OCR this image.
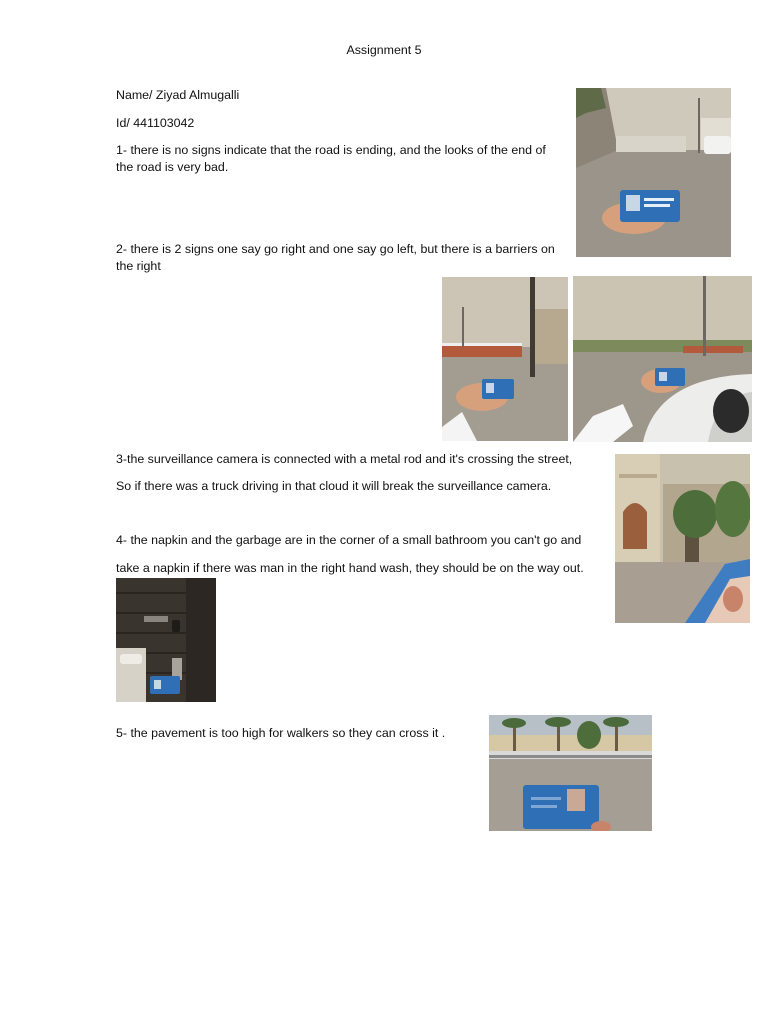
Assignment 5

Name/ Ziyad Almugalli

Id/ 441103042

1- there is no signs indicate that the road is ending, and the looks of the end of the road is very bad.

2- there is 2 signs one say go right and one say go left, but there is a barriers on the right

3-the surveillance camera is connected with a metal rod and it's crossing the street,

So if there was a truck driving in that cloud it will break the surveillance camera.

4- the napkin and the garbage are in the corner of a small bathroom you can't go and

take a napkin if there was man in the right hand wash, they should be on the way out.

5- the pavement is too high for walkers so they can cross it .
